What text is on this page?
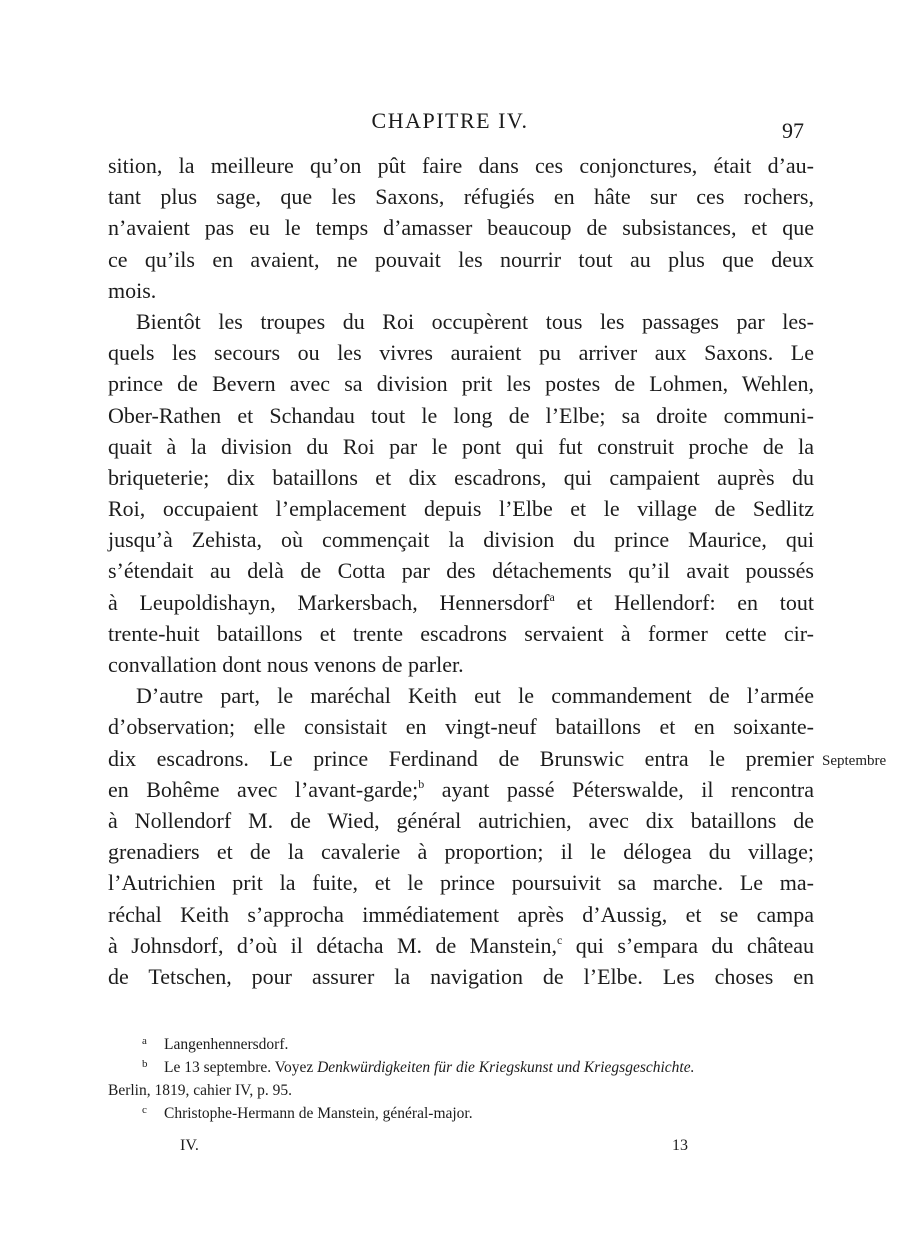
CHAPITRE IV.	97
sition, la meilleure qu’on pût faire dans ces conjonctures, était d’au-
tant plus sage, que les Saxons, réfugiés en hâte sur ces rochers,
n’avaient pas eu le temps d’amasser beaucoup de subsistances, et que
ce qu’ils en avaient, ne pouvait les nourrir tout au plus que deux
mois.
Bientôt les troupes du Roi occupèrent tous les passages par les-
quels les secours ou les vivres auraient pu arriver aux Saxons. Le
prince de Bevern avec sa division prit les postes de Lohmen, Wehlen,
Ober-Rathen et Schandau tout le long de l’Elbe; sa droite communi-
quait à la division du Roi par le pont qui fut construit proche de la
briqueterie; dix bataillons et dix escadrons, qui campaient auprès du
Roi, occupaient l’emplacement depuis l’Elbe et le village de Sedlitz
jusqu’à Zehista, où commençait la division du prince Maurice, qui
s’étendait au delà de Cotta par des détachements qu’il avait poussés
à Leupoldishayn, Markersbach, Hennersdorf$^a$ et Hellendorf: en tout
trente-huit bataillons et trente escadrons servaient à former cette cir-
convallation dont nous venons de parler.
D’autre part, le maréchal Keith eut le commandement de l’armée
d’observation; elle consistait en vingt-neuf bataillons et en soixante-
dix escadrons. Le prince Ferdinand de Brunswic entra le premier
en Bohême avec l’avant-garde;$^b$ ayant passé Péterswalde, il rencontra
à Nollendorf M. de Wied, général autrichien, avec dix bataillons de
grenadiers et de la cavalerie à proportion; il le délogea du village;
l’Autrichien prit la fuite, et le prince poursuivit sa marche. Le ma-
réchal Keith s’approcha immédiatement après d’Aussig, et se campa
à Johnsdorf, d’où il détacha M. de Manstein,$^c$ qui s’empara du château
de Tetschen, pour assurer la navigation de l’Elbe. Les choses en
Septembre
a Langenhennersdorf.
b Le 13 septembre. Voyez Denkwürdigkeiten für die Kriegskunst und Kriegsgeschichte.
Berlin, 1819, cahier IV, p. 95.
c Christophe-Hermann de Manstein, général-major.
IV.	13
